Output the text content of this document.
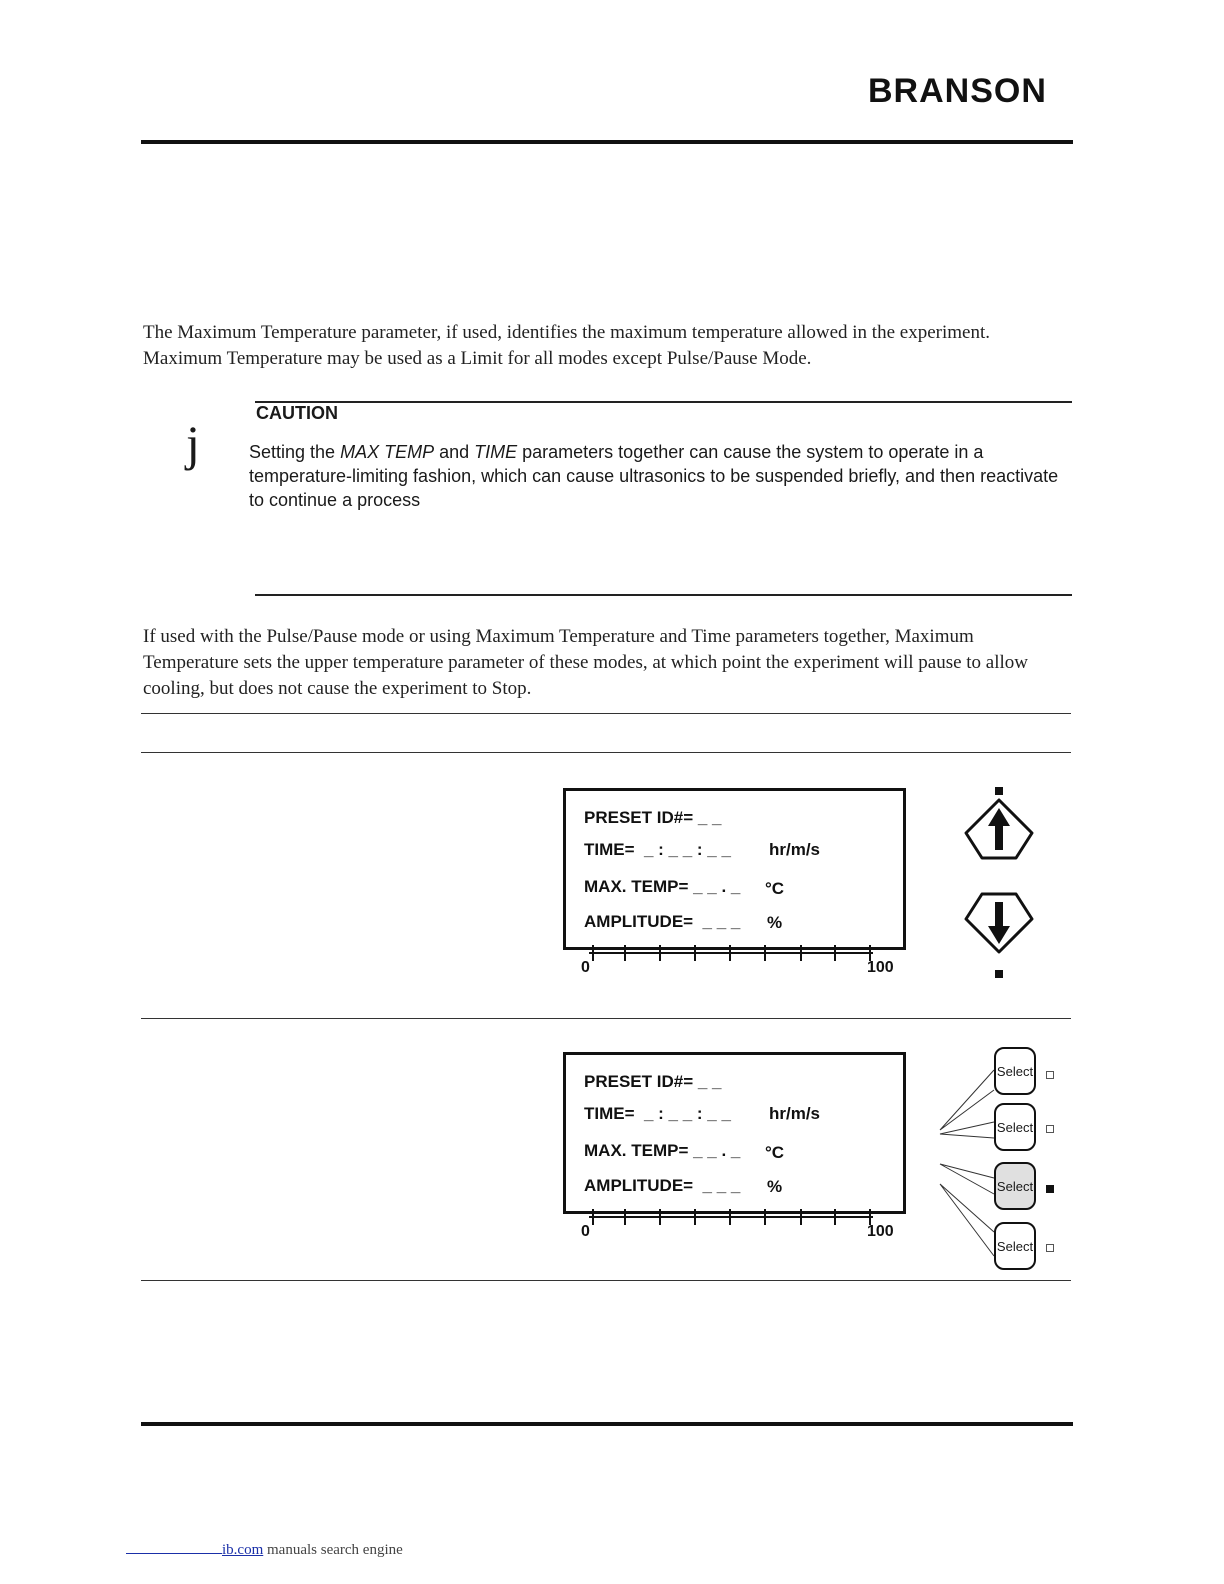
BRANSON
The Maximum Temperature parameter, if used, identifies the maximum temperature allowed in the experiment. Maximum Temperature may be used as a Limit for all modes except Pulse/Pause Mode.
CAUTION
j	Setting the MAX TEMP and TIME parameters together can cause the system to operate in a temperature-limiting fashion, which can cause ultrasonics to be suspended briefly, and then reactivate to continue a process
If used with the Pulse/Pause mode or using Maximum Temperature and Time parameters together, Maximum Temperature sets the upper temperature parameter of these modes, at which point the experiment will pause to allow cooling, but does not cause the experiment to Stop.
PRESET ID#= _ _
TIME=  _ : _ _ : _ _ hr/m/s
MAX. TEMP= _ _ . _ °C
AMPLITUDE=  _ _ _ %
0	100
PRESET ID#= _ _
TIME=  _ : _ _ : _ _ hr/m/s
MAX. TEMP= _ _ . _ °C
AMPLITUDE=  _ _ _ %
0	100
Select
Select
Select
Select
ib.com manuals search engine
